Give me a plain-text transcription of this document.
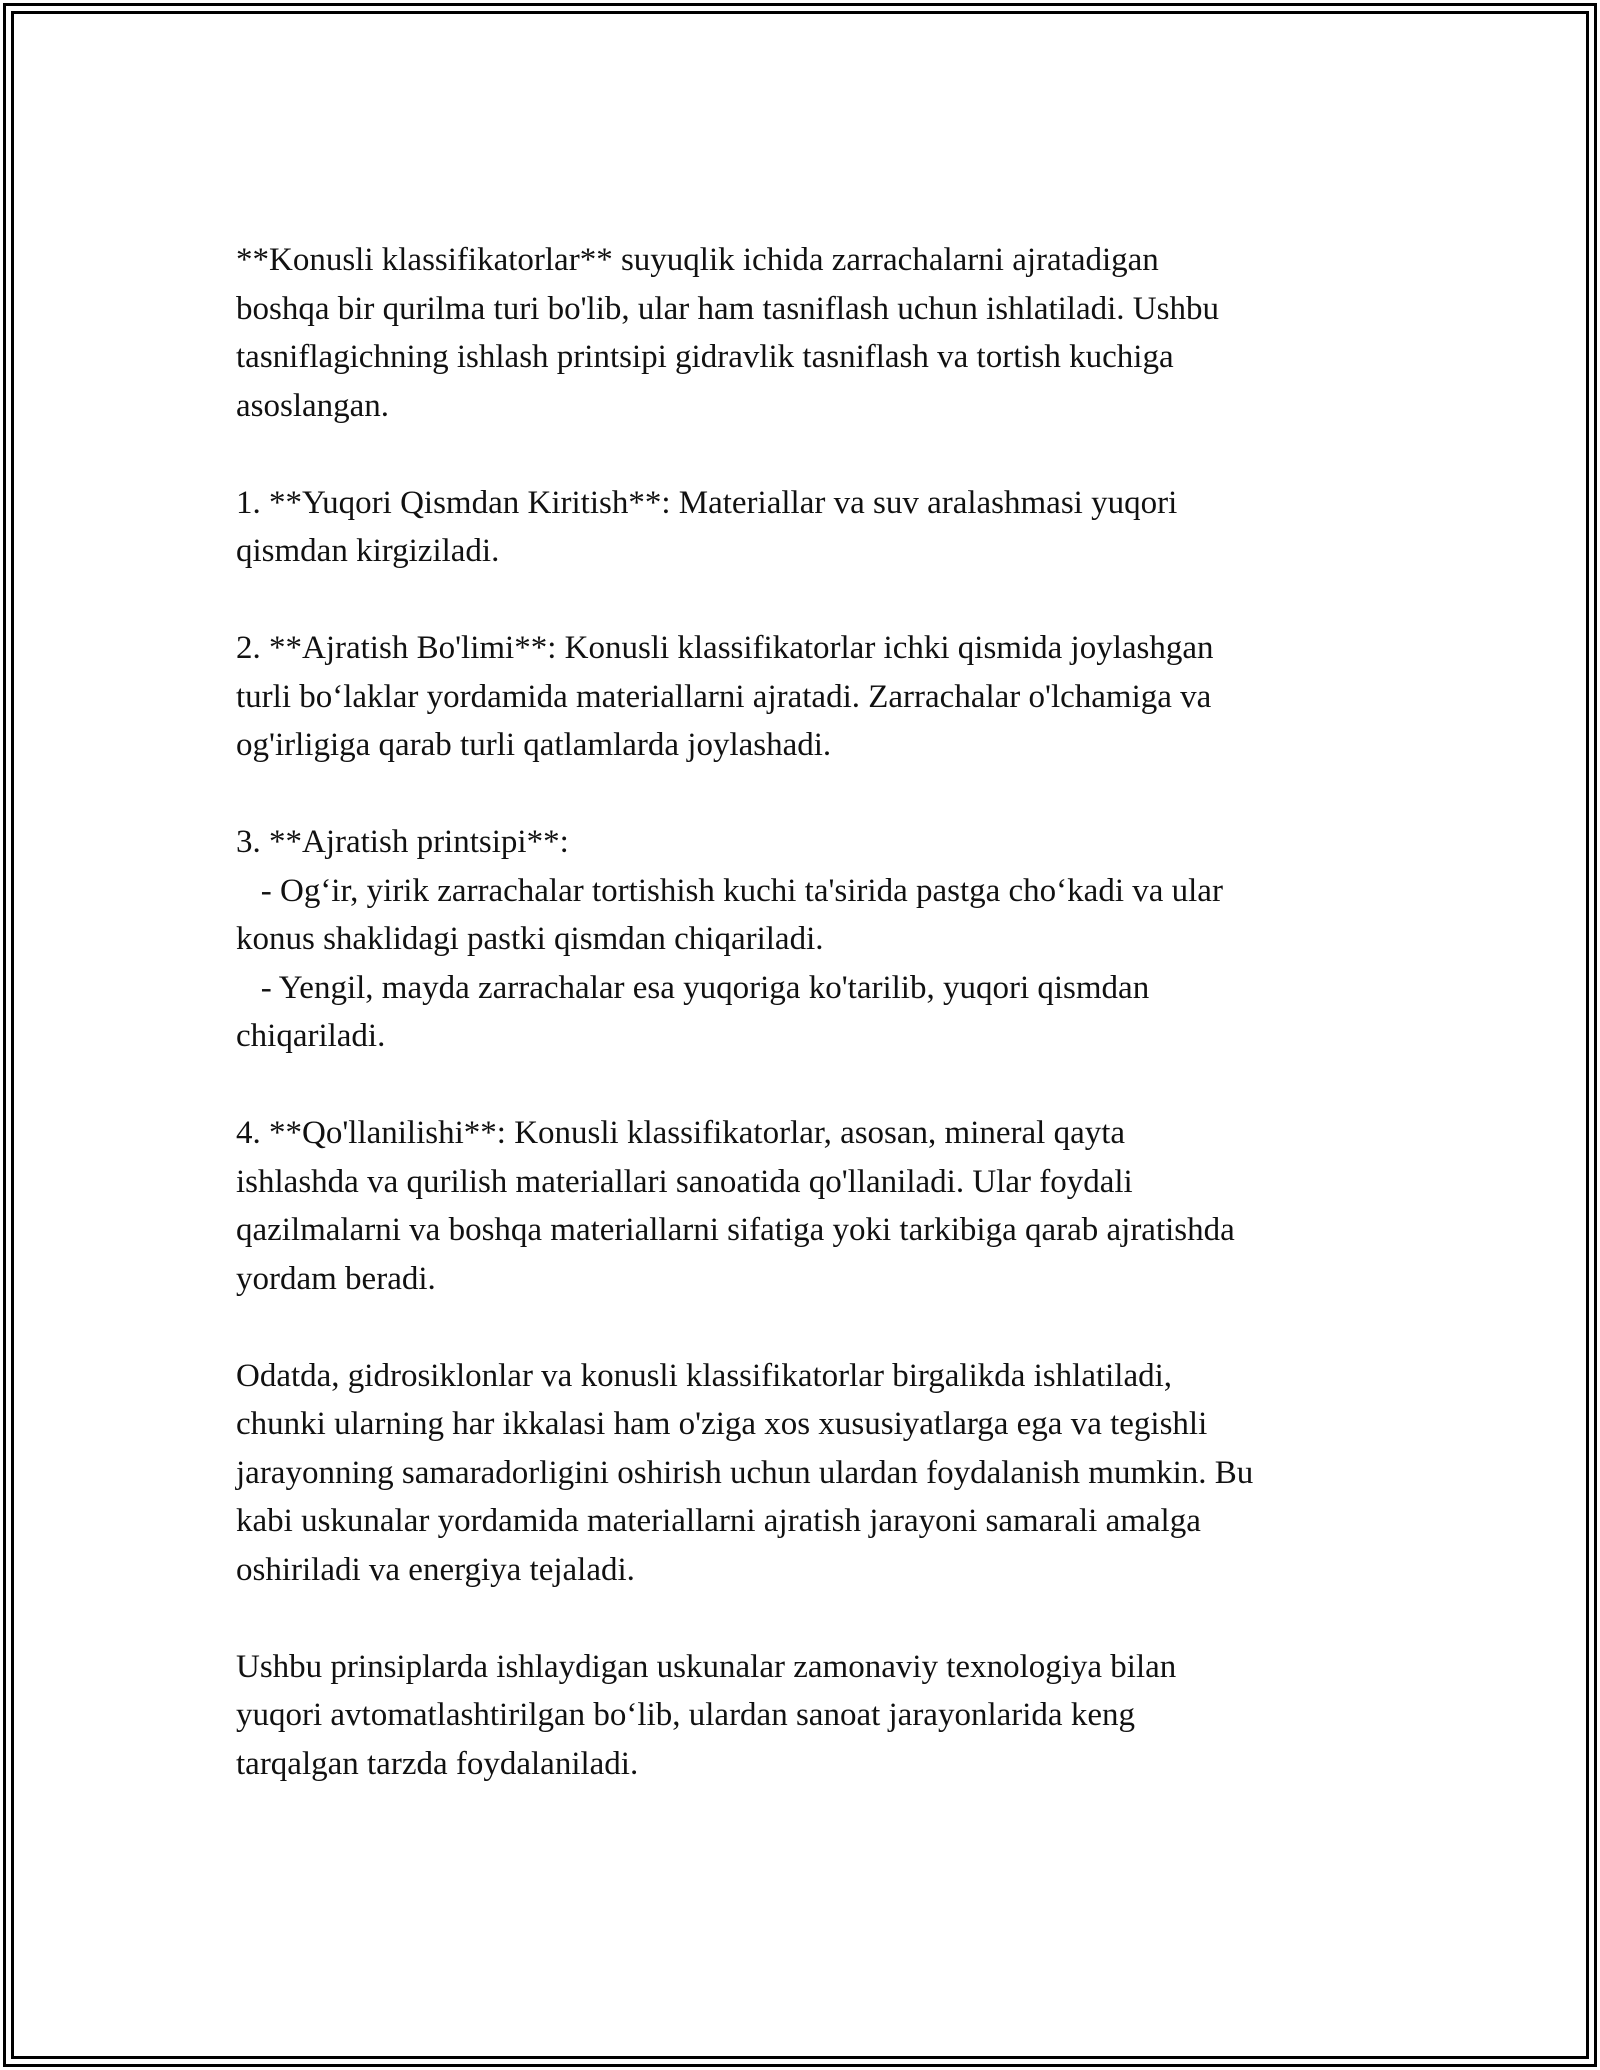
**Konusli klassifikatorlar** suyuqlik ichida zarrachalarni ajratadigan
boshqa bir qurilma turi bo'lib, ular ham tasniflash uchun ishlatiladi. Ushbu
tasniflagichning ishlash printsipi gidravlik tasniflash va tortish kuchiga
asoslangan.

1. **Yuqori Qismdan Kiritish**: Materiallar va suv aralashmasi yuqori
qismdan kirgiziladi.

2. **Ajratish Bo'limi**: Konusli klassifikatorlar ichki qismida joylashgan
turli bo‘laklar yordamida materiallarni ajratadi. Zarrachalar o'lchamiga va
og'irligiga qarab turli qatlamlarda joylashadi.

3. **Ajratish printsipi**:
- Og‘ir, yirik zarrachalar tortishish kuchi ta'sirida pastga cho‘kadi va ular
konus shaklidagi pastki qismdan chiqariladi.
- Yengil, mayda zarrachalar esa yuqoriga ko'tarilib, yuqori qismdan
chiqariladi.

4. **Qo'llanilishi**: Konusli klassifikatorlar, asosan, mineral qayta
ishlashda va qurilish materiallari sanoatida qo'llaniladi. Ular foydali
qazilmalarni va boshqa materiallarni sifatiga yoki tarkibiga qarab ajratishda
yordam beradi.

Odatda, gidrosiklonlar va konusli klassifikatorlar birgalikda ishlatiladi,
chunki ularning har ikkalasi ham o'ziga xos xususiyatlarga ega va tegishli
jarayonning samaradorligini oshirish uchun ulardan foydalanish mumkin. Bu
kabi uskunalar yordamida materiallarni ajratish jarayoni samarali amalga
oshiriladi va energiya tejaladi.

Ushbu prinsiplarda ishlaydigan uskunalar zamonaviy texnologiya bilan
yuqori avtomatlashtirilgan bo‘lib, ulardan sanoat jarayonlarida keng
tarqalgan tarzda foydalaniladi.
